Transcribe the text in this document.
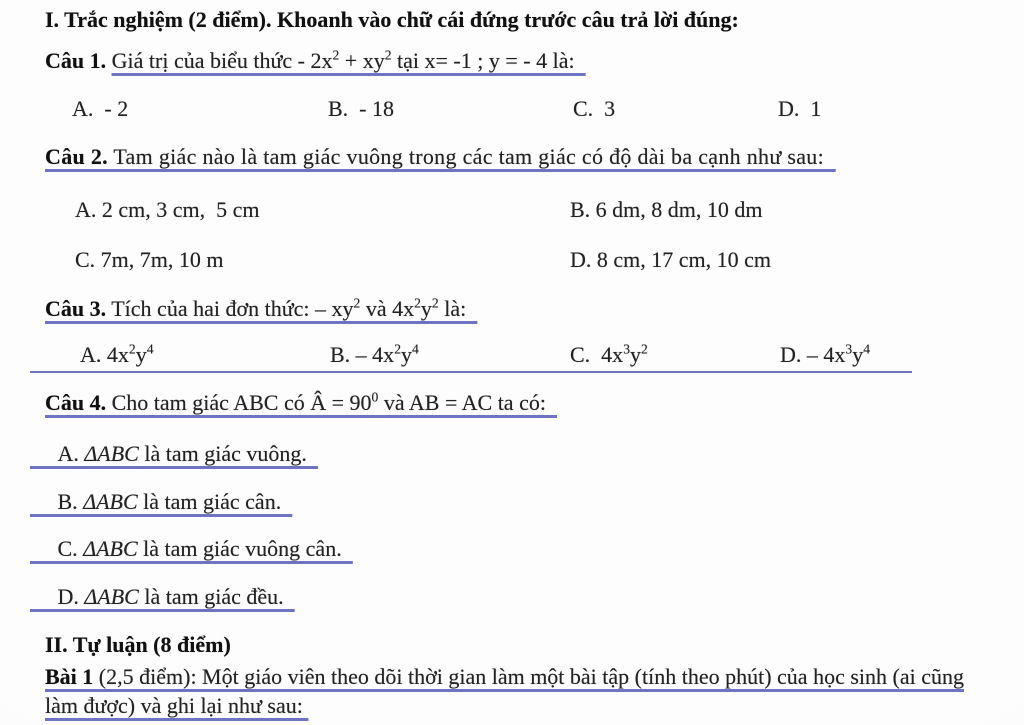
I. Trắc nghiệm (2 điểm). Khoanh vào chữ cái đứng trước câu trả lời đúng:
Câu 1. Giá trị của biểu thức - $2x^2 + xy^2$ tại x= -1 ; y = - 4 là:
A.  - 2	B.  - 18	C.  3	D.  1
Câu 2. Tam giác nào là tam giác vuông trong các tam giác có độ dài ba cạnh như sau:
A. 2 cm, 3 cm,  5 cm	B. 6 dm, 8 dm, 10 dm
C. 7m, 7m, 10 m	D. 8 cm, 17 cm, 10 cm
Câu 3. Tích của hai đơn thức: – $xy^2$ và $4x^2y^2$ là:
A. $4x^2y^4$	B. – $4x^2y^4$	C.  $4x^3y^2$	D. – $4x^3y^4$
Câu 4. Cho tam giác ABC có Â = $90^0$ và AB = AC ta có:
A. ΔABC là tam giác vuông.
B. ΔABC là tam giác cân.
C. ΔABC là tam giác vuông cân.
D. ΔABC là tam giác đều.
II. Tự luận (8 điểm)

Bài 1 (2,5 điểm): Một giáo viên theo dõi thời gian làm một bài tập (tính theo phút) của học sinh (ai cũng làm được) và ghi lại như sau:
